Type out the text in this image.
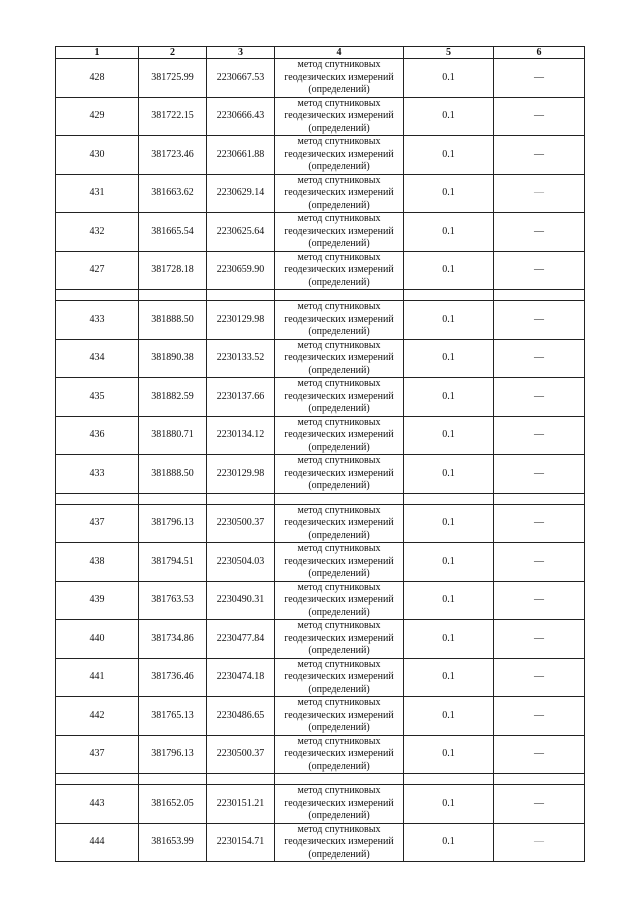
1	2	3	4	5	6
428	381725.99	2230667.53	метод спутниковых
геодезических измерений
(определений)	0.1	—
429	381722.15	2230666.43	метод спутниковых
геодезических измерений
(определений)	0.1	—
430	381723.46	2230661.88	метод спутниковых
геодезических измерений
(определений)	0.1	—
431	381663.62	2230629.14	метод спутниковых
геодезических измерений
(определений)	0.1	—
432	381665.54	2230625.64	метод спутниковых
геодезических измерений
(определений)	0.1	—
427	381728.18	2230659.90	метод спутниковых
геодезических измерений
(определений)	0.1	—

433	381888.50	2230129.98	метод спутниковых
геодезических измерений
(определений)	0.1	—
434	381890.38	2230133.52	метод спутниковых
геодезических измерений
(определений)	0.1	—
435	381882.59	2230137.66	метод спутниковых
геодезических измерений
(определений)	0.1	—
436	381880.71	2230134.12	метод спутниковых
геодезических измерений
(определений)	0.1	—
433	381888.50	2230129.98	метод спутниковых
геодезических измерений
(определений)	0.1	—

437	381796.13	2230500.37	метод спутниковых
геодезических измерений
(определений)	0.1	—
438	381794.51	2230504.03	метод спутниковых
геодезических измерений
(определений)	0.1	—
439	381763.53	2230490.31	метод спутниковых
геодезических измерений
(определений)	0.1	—
440	381734.86	2230477.84	метод спутниковых
геодезических измерений
(определений)	0.1	—
441	381736.46	2230474.18	метод спутниковых
геодезических измерений
(определений)	0.1	—
442	381765.13	2230486.65	метод спутниковых
геодезических измерений
(определений)	0.1	—
437	381796.13	2230500.37	метод спутниковых
геодезических измерений
(определений)	0.1	—

443	381652.05	2230151.21	метод спутниковых
геодезических измерений
(определений)	0.1	—
444	381653.99	2230154.71	метод спутниковых
геодезических измерений
(определений)	0.1	—
